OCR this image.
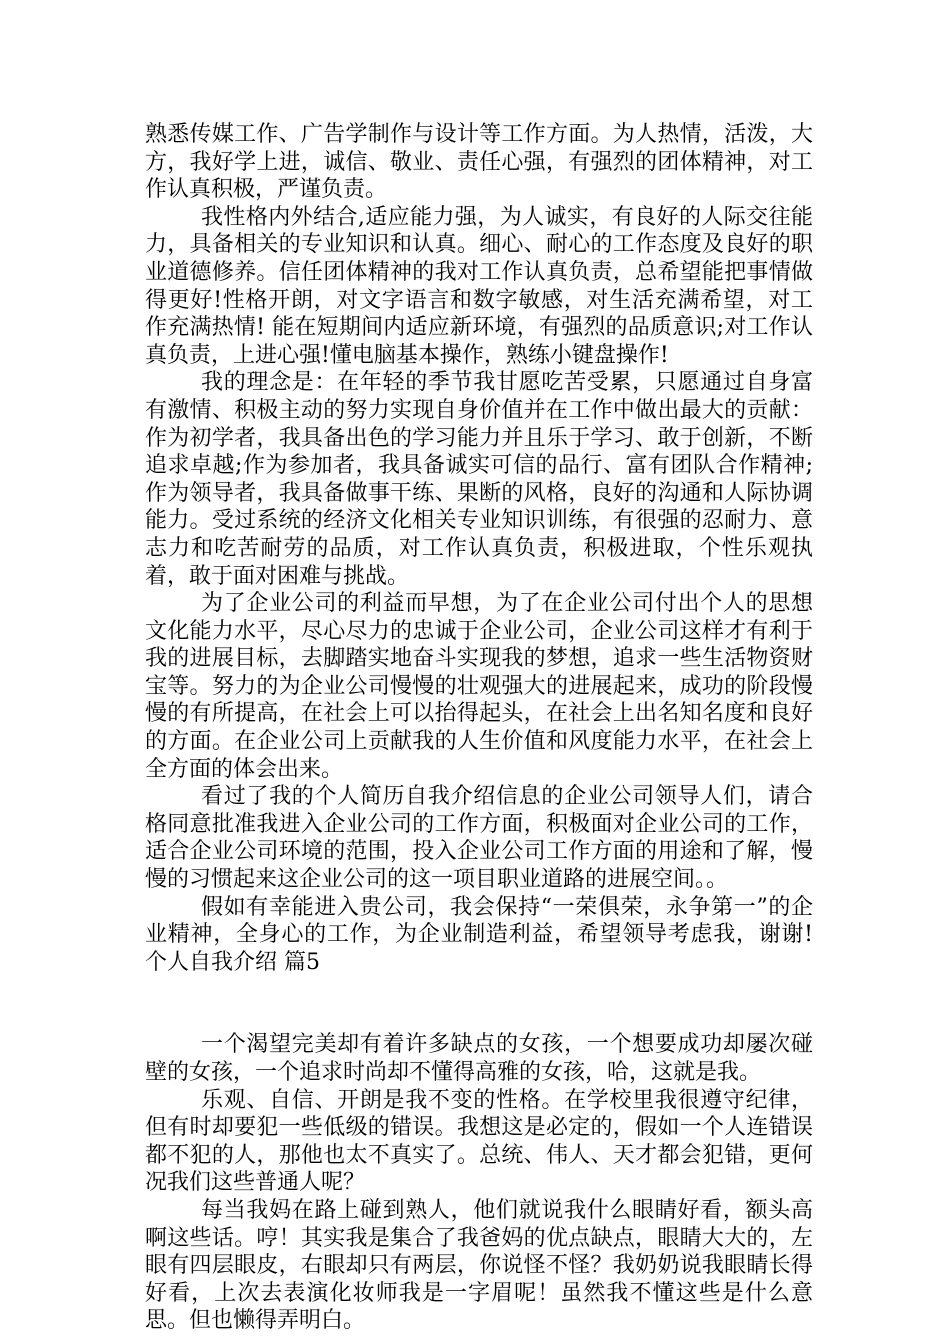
熟悉传媒工作、广告学制作与设计等工作方面。为人热情，活泼，大方，我好学上进，诚信、敬业、责任心强，有强烈的团体精神，对工作认真积极，严谨负责。

我性格内外结合,适应能力强，为人诚实，有良好的人际交往能力，具备相关的专业知识和认真。细心、耐心的工作态度及良好的职业道德修养。信任团体精神的我对工作认真负责，总希望能把事情做得更好!性格开朗，对文字语言和数字敏感，对生活充满希望，对工作充满热情! 能在短期间内适应新环境，有强烈的品质意识;对工作认真负责，上进心强!懂电脑基本操作，熟练小键盘操作!

我的理念是：在年轻的季节我甘愿吃苦受累，只愿通过自身富有激情、积极主动的努力实现自身价值并在工作中做出最大的贡献：作为初学者，我具备出色的学习能力并且乐于学习、敢于创新，不断追求卓越;作为参加者，我具备诚实可信的品行、富有团队合作精神;作为领导者，我具备做事干练、果断的风格，良好的沟通和人际协调能力。受过系统的经济文化相关专业知识训练，有很强的忍耐力、意志力和吃苦耐劳的品质，对工作认真负责，积极进取，个性乐观执着，敢于面对困难与挑战。

为了企业公司的利益而早想，为了在企业公司付出个人的思想文化能力水平，尽心尽力的忠诚于企业公司，企业公司这样才有利于我的进展目标，去脚踏实地奋斗实现我的梦想，追求一些生活物资财宝等。努力的为企业公司慢慢的壮观强大的进展起来，成功的阶段慢慢的有所提高，在社会上可以抬得起头，在社会上出名知名度和良好的方面。在企业公司上贡献我的人生价值和风度能力水平，在社会上全方面的体会出来。

看过了我的个人简历自我介绍信息的企业公司领导人们，请合格同意批准我进入企业公司的工作方面，积极面对企业公司的工作，适合企业公司环境的范围，投入企业公司工作方面的用途和了解，慢慢的习惯起来这企业公司的这一项目职业道路的进展空间。。

假如有幸能进入贵公司，我会保持“一荣俱荣，永争第一”的企业精神，全身心的工作，为企业制造利益，希望领导考虑我，谢谢!个人自我介绍 篇5

一个渴望完美却有着许多缺点的女孩，一个想要成功却屡次碰壁的女孩，一个追求时尚却不懂得高雅的女孩，哈，这就是我。

乐观、自信、开朗是我不变的性格。在学校里我很遵守纪律，但有时却要犯一些低级的错误。我想这是必定的，假如一个人连错误都不犯的人，那他也太不真实了。总统、伟人、天才都会犯错，更何况我们这些普通人呢？

每当我妈在路上碰到熟人，他们就说我什么眼睛好看，额头高啊这些话。哼！其实我是集合了我爸妈的优点缺点，眼睛大大的，左眼有四层眼皮，右眼却只有两层，你说怪不怪？我奶奶说我眼睛长得好看，上次去表演化妆师我是一字眉呢！虽然我不懂这些是什么意思。但也懒得弄明白。
